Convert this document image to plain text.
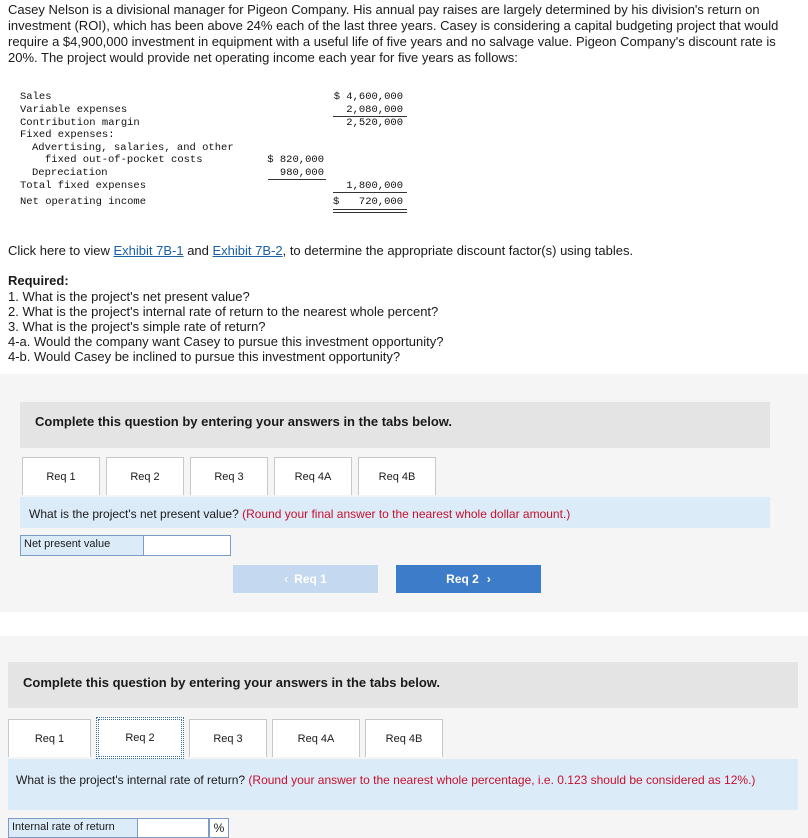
Casey Nelson is a divisional manager for Pigeon Company. His annual pay raises are largely determined by his division's return on investment (ROI), which has been above 24% each of the last three years. Casey is considering a capital budgeting project that would require a $4,900,000 investment in equipment with a useful life of five years and no salvage value. Pigeon Company's discount rate is 20%. The project would provide net operating income each year for five years as follows:
Sales	$ 4,600,000
Variable expenses	2,080,000
Contribution margin	2,520,000
Fixed expenses:
Advertising, salaries, and other
fixed out-of-pocket costs	$ 820,000
Depreciation	980,000
Total fixed expenses	1,800,000
Net operating income	$	720,000
Click here to view Exhibit 7B-1 and Exhibit 7B-2, to determine the appropriate discount factor(s) using tables.
Required:
1. What is the project's net present value?
2. What is the project's internal rate of return to the nearest whole percent?
3. What is the project's simple rate of return?
4-a. Would the company want Casey to pursue this investment opportunity?
4-b. Would Casey be inclined to pursue this investment opportunity?
Complete this question by entering your answers in the tabs below.
Req 1	Req 2	Req 3	Req 4A	Req 4B
What is the project's net present value? (Round your final answer to the nearest whole dollar amount.)
Net present value
‹ Req 1	Req 2 ›
Complete this question by entering your answers in the tabs below.
Req 1	Req 2	Req 3	Req 4A	Req 4B
What is the project's internal rate of return? (Round your answer to the nearest whole percentage, i.e. 0.123 should be considered as 12%.)
Internal rate of return	%
